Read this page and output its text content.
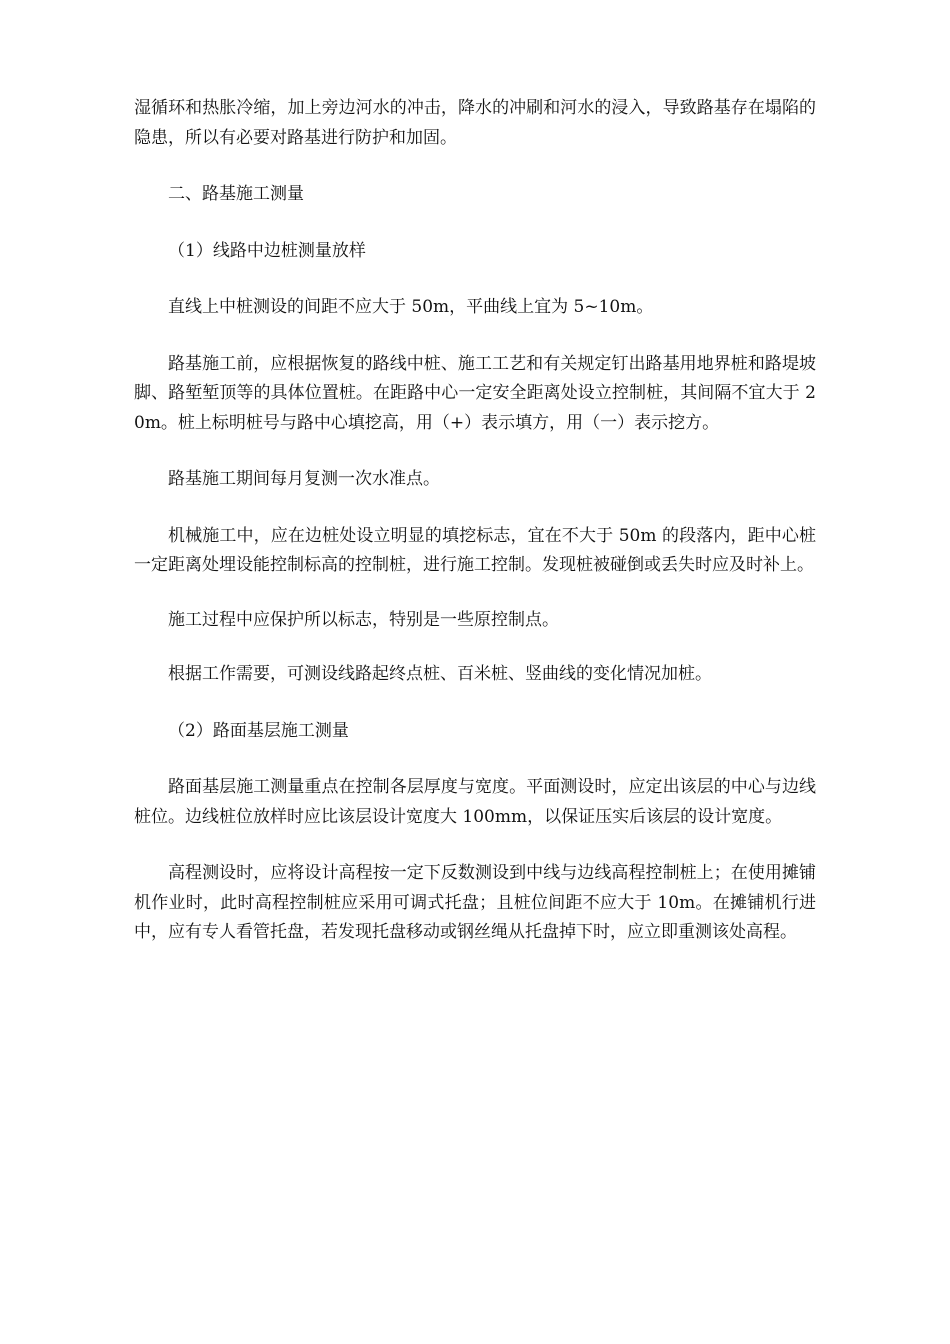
湿循环和热胀冷缩，加上旁边河水的冲击，降水的冲刷和河水的浸入，导致路基存在塌陷的隐患，所以有必要对路基进行防护和加固。

二、路基施工测量

（1）线路中边桩测量放样

直线上中桩测设的间距不应大于 50m，平曲线上宜为 5~10m。

路基施工前，应根据恢复的路线中桩、施工工艺和有关规定钉出路基用地界桩和路堤坡脚、路堑堑顶等的具体位置桩。在距路中心一定安全距离处设立控制桩，其间隔不宜大于 20m。桩上标明桩号与路中心填挖高，用（+）表示填方，用（一）表示挖方。

路基施工期间每月复测一次水准点。

机械施工中，应在边桩处设立明显的填挖标志，宜在不大于 50m 的段落内，距中心桩一定距离处埋设能控制标高的控制桩，进行施工控制。发现桩被碰倒或丢失时应及时补上。

施工过程中应保护所以标志，特别是一些原控制点。

根据工作需要，可测设线路起终点桩、百米桩、竖曲线的变化情况加桩。

（2）路面基层施工测量

路面基层施工测量重点在控制各层厚度与宽度。平面测设时，应定出该层的中心与边线桩位。边线桩位放样时应比该层设计宽度大 100mm，以保证压实后该层的设计宽度。

高程测设时，应将设计高程按一定下反数测设到中线与边线高程控制桩上；在使用摊铺机作业时，此时高程控制桩应采用可调式托盘；且桩位间距不应大于 10m。在摊铺机行进中，应有专人看管托盘，若发现托盘移动或钢丝绳从托盘掉下时，应立即重测该处高程。
